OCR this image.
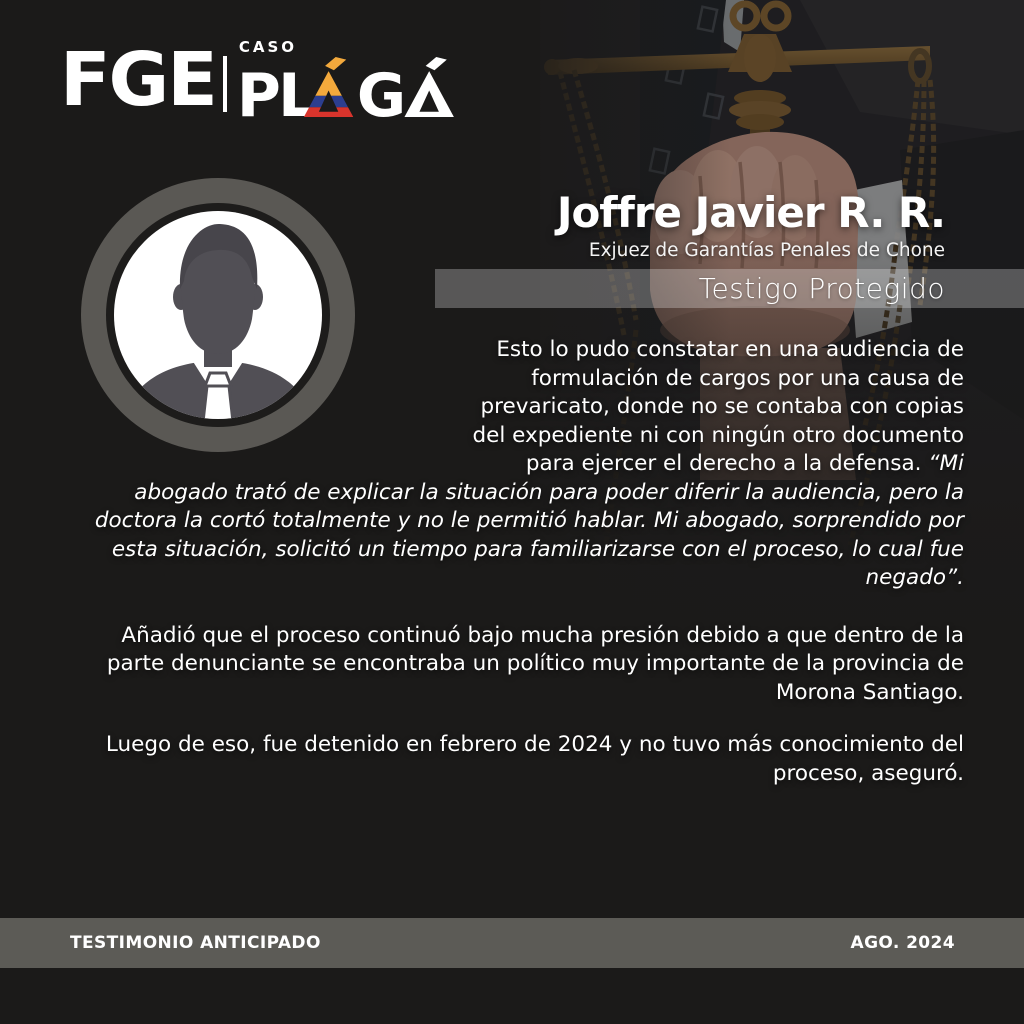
FGE CASO
PL G
Joffre Javier R. R.
Exjuez de Garantías Penales de Chone
Testigo Protegido

Esto lo pudo constatar en una audiencia de formulación de cargos por una causa de prevaricato, donde no se contaba con copias del expediente ni con ningún otro documento para ejercer el derecho a la defensa. “Mi abogado trató de explicar la situación para poder diferir la audiencia, pero la doctora la cortó totalmente y no le permitió hablar. Mi abogado, sorprendido por esta situación, solicitó un tiempo para familiarizarse con el proceso, lo cual fue negado”.

Añadió que el proceso continuó bajo mucha presión debido a que dentro de la parte denunciante se encontraba un político muy importante de la provincia de Morona Santiago.

Luego de eso, fue detenido en febrero de 2024 y no tuvo más conocimiento del proceso, aseguró.

TESTIMONIO ANTICIPADO	AGO. 2024
